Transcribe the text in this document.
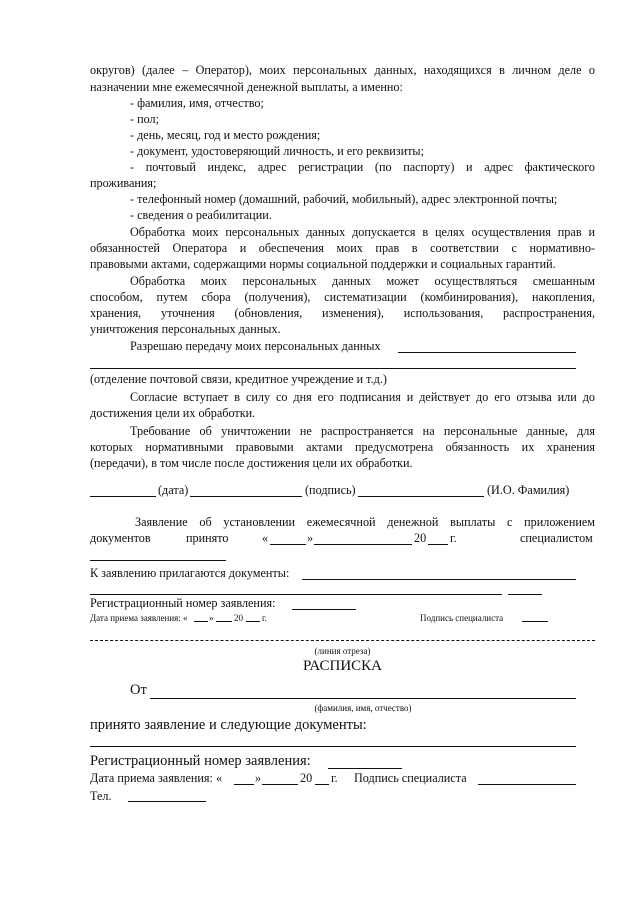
округов) (далее – Оператор), моих персональных данных, находящихся в личном деле о
назначении мне ежемесячной денежной выплаты, а именно:
- фамилия, имя, отчество;
- пол;
- день, месяц, год и место рождения;
- документ, удостоверяющий личность, и его реквизиты;
- почтовый индекс, адрес регистрации (по паспорту) и адрес фактического
проживания;
- телефонный номер (домашний, рабочий, мобильный), адрес электронной почты;
- сведения о реабилитации.
Обработка моих персональных данных допускается в целях осуществления прав и
обязанностей Оператора и обеспечения моих прав в соответствии с нормативно-
правовыми актами, содержащими нормы социальной поддержки и социальных гарантий.
Обработка моих персональных данных может осуществляться смешанным
способом, путем сбора (получения), систематизации (комбинирования), накопления,
хранения, уточнения (обновления, изменения), использования, распространения,
уничтожения персональных данных.
Разрешаю передачу моих персональных данных
(отделение почтовой связи, кредитное учреждение и т.д.)
Согласие вступает в силу со дня его подписания и действует до его отзыва или до
достижения цели их обработки.
Требование об уничтожении не распространяется на персональные данные, для
которых нормативными правовыми актами предусмотрена обязанность их хранения
(передачи), в том числе после достижения цели их обработки.
(дата)	(подпись)	(И.О. Фамилия)
Заявление об установлении ежемесячной денежной выплаты с приложением
документов	принято	«	»	20 г.	специалистом
К заявлению прилагаются документы:
Регистрационный номер заявления:
Дата приема заявления: « » 20 г.	Подпись специалиста
(линия отреза)
РАСПИСКА
От
(фамилия, имя, отчество)
принято заявление и следующие документы:
Регистрационный номер заявления:
Дата приема заявления: «	»	20 г. Подпись специалиста
Тел.
